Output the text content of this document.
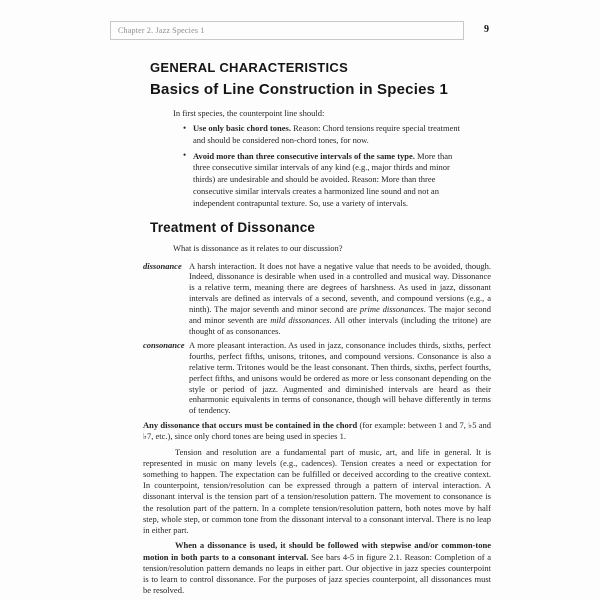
Chapter 2. Jazz Species 1	9
GENERAL CHARACTERISTICS
Basics of Line Construction in Species 1

In first species, the counterpoint line should:

• Use only basic chord tones. Reason: Chord tensions require special treatment and should be considered non-chord tones, for now.
• Avoid more than three consecutive intervals of the same type. More than three consecutive similar intervals of any kind (e.g., major thirds and minor thirds) are undesirable and should be avoided. Reason: More than three consecutive similar intervals creates a harmonized line sound and not an independent contrapuntal texture. So, use a variety of intervals.
Treatment of Dissonance

What is dissonance as it relates to our discussion?

dissonance A harsh interaction. It does not have a negative value that needs to be avoided, though. Indeed, dissonance is desirable when used in a controlled and musical way. Dissonance is a relative term, meaning there are degrees of harshness. As used in jazz, dissonant intervals are defined as intervals of a second, seventh, and compound versions (e.g., a ninth). The major seventh and minor second are prime dissonances. The major second and minor seventh are mild dissonances. All other intervals (including the tritone) are thought of as consonances.
consonance A more pleasant interaction. As used in jazz, consonance includes thirds, sixths, perfect fourths, perfect fifths, unisons, tritones, and compound versions. Consonance is also a relative term. Tritones would be the least consonant. Then thirds, sixths, perfect fourths, perfect fifths, and unisons would be ordered as more or less consonant depending on the style or period of jazz. Augmented and diminished intervals are heard as their enharmonic equivalents in terms of consonance, though will behave differently in terms of tendency.

Any dissonance that occurs must be contained in the chord (for example: between 1 and 7, ♭5 and ♭7, etc.), since only chord tones are being used in species 1.

Tension and resolution are a fundamental part of music, art, and life in general. It is represented in music on many levels (e.g., cadences). Tension creates a need or expectation for something to happen. The expectation can be fulfilled or deceived according to the creative context. In counterpoint, tension/resolution can be expressed through a pattern of interval interaction. A dissonant interval is the tension part of a tension/resolution pattern. The movement to consonance is the resolution part of the pattern. In a complete tension/resolution pattern, both notes move by half step, whole step, or common tone from the dissonant interval to a consonant interval. There is no leap in either part.

When a dissonance is used, it should be followed with stepwise and/or common-tone motion in both parts to a consonant interval. See bars 4-5 in figure 2.1. Reason: Completion of a tension/resolution pattern demands no leaps in either part. Our objective in jazz species counterpoint is to learn to control dissonance. For the purposes of jazz species counterpoint, all dissonances must be resolved.
